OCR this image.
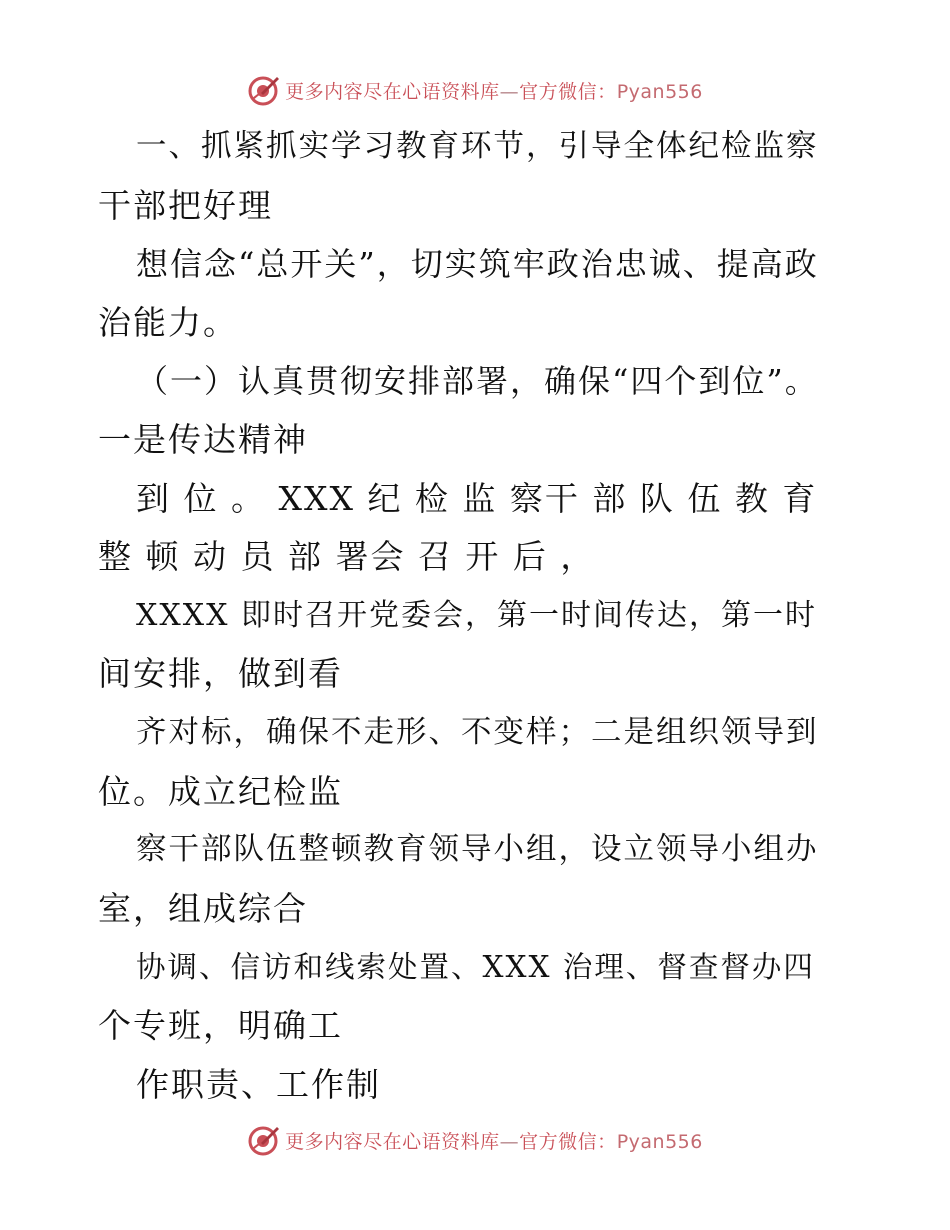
更多内容尽在心语资料库—官方微信：Pyan556
一、抓紧抓实学习教育环节，引导全体纪检监察
干部把好理
想信念“总开关”，切实筑牢政治忠诚、提高政
治能力。
（一）认真贯彻安排部署，确保“四个到位”。
一是传达精神
到 位 。 XXX 纪 检 监 察干 部 队 伍 教 育
整 顿 动 员 部 署会 召 开 后 ，
XXXX 即时召开党委会，第一时间传达，第一时
间安排，做到看
齐对标，确保不走形、不变样；二是组织领导到
位。成立纪检监
察干部队伍整顿教育领导小组，设立领导小组办
室，组成综合
协调、信访和线索处置、XXX 治理、督查督办四
个专班，明确工
作职责、工作制
更多内容尽在心语资料库—官方微信：Pyan556
